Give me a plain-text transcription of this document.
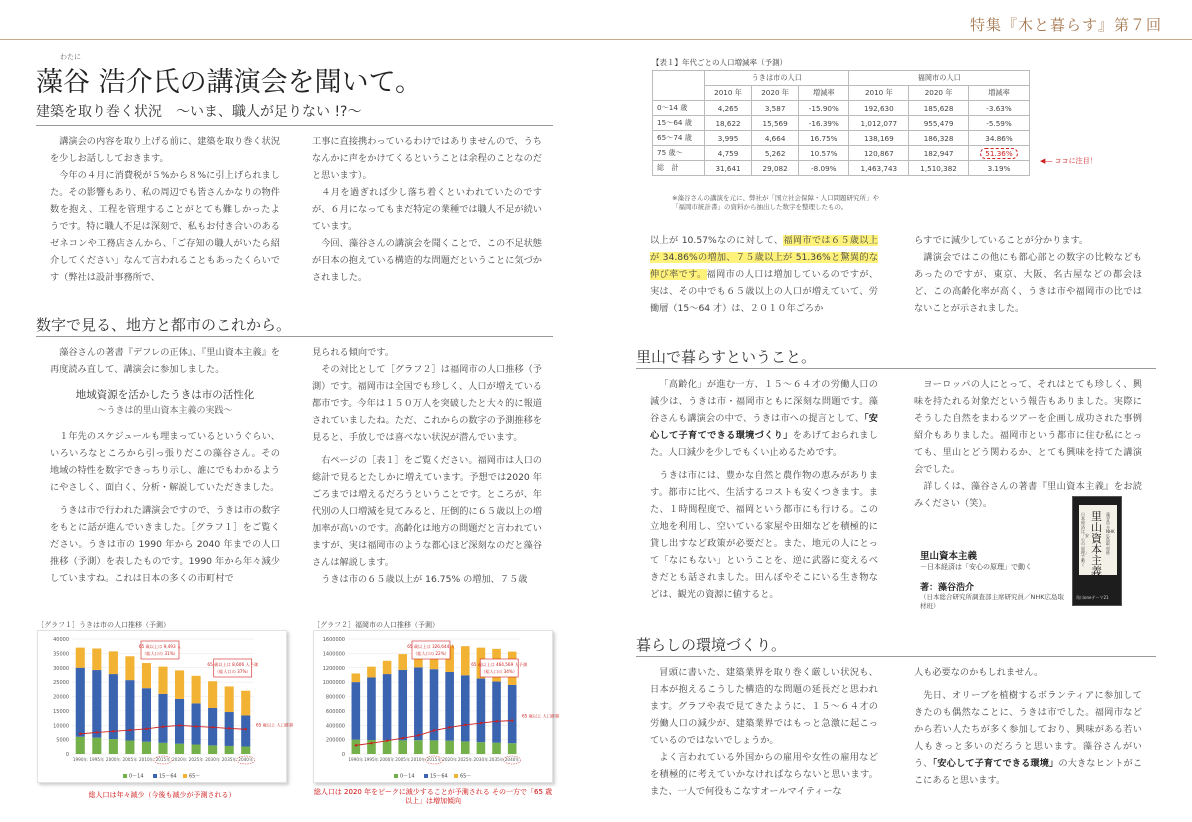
特集『木と暮らす』第７回
わたに
藻谷 浩介氏の講演会を聞いて。
建築を取り巻く状況　～いま、職人が足りない !?～

講演会の内容を取り上げる前に、建築を取り巻く状況を少しお話ししておきます。

今年の４月に消費税が５%から８%に引上げられました。その影響もあり、私の周辺でも皆さんかなりの物件数を抱え、工程を管理することがとても難しかったようです。特に職人不足は深刻で、私もお付き合いのあるゼネコンや工務店さんから、「ご存知の職人がいたら紹介してください」なんて言われることもあったくらいです（弊社は設計事務所で、

工事に直接携わっているわけではありませんので、うちなんかに声をかけてくるということは余程のことなのだと思います）。

４月を過ぎれば少し落ち着くといわれていたのですが、６月になってもまだ特定の業種では職人不足が続いています。

今回、藻谷さんの講演会を聞くことで、この不足状態が日本の抱えている構造的な問題だということに気づかされました。

数字で見る、地方と都市のこれから。

藻谷さんの著書『デフレの正体』、『里山資本主義』を再度読み直して、講演会に参加しました。

地域資源を活かしたうきは市の活性化
～うきは的里山資本主義の実践～

１年先のスケジュールも埋まっているというぐらい、いろいろなところから引っ張りだこの藻谷さん。その地域の特性を数字できっちり示し、誰にでもわかるようにやさしく、面白く、分析・解説していただきました。

うきは市で行われた講演会ですので、うきは市の数字をもとに話が進んでいきました。［グラフ１］をご覧ください。うきは市の 1990 年から 2040 年までの人口推移（予測）を表したものです。1990 年から年々減少していますね。これは日本の多くの市町村で

見られる傾向です。

その対比として［グラフ２］は福岡市の人口推移（予測）です。福岡市は全国でも珍しく、人口が増えている都市です。今年は１５０万人を突破したと大々的に報道されていましたね。ただ、これからの数字の予測推移を見ると、手放しでは喜べない状況が潜んでいます。

右ページの［表１］をご覧ください。福岡市は人口の総計で見るとたしかに増えています。予想では2020 年ごろまでは増えるだろうということです。ところが、年代別の人口増減を見てみると、圧倒的に６５歳以上の増加率が高いのです。高齢化は地方の問題だと言われていますが、実は福岡市のような都心ほど深刻なのだと藻谷さんは解説します。

うきは市の６５歳以上が 16.75% の増加、７５歳

［グラフ１］うきは市の人口推移（予測）
0
5000
10000
15000
20000
25000
30000
35000
40000
1990年 1995年 2000年 2005年 2010年 2015年 2020年 2025年 2030年 2035年 2040年
65 歳以上は 9,493 人
（総人口の 31%）
65 歳以上は 8,606 人予測
（総人口の 37%）
65 歳以上 人口推移
0～14	15～64 65～
総人口は年々減少（今後も減少が予測される）
［グラフ２］福岡市の人口推移（予測）
0
200000
400000
600000
800000
1000000
1200000
1400000
1600000
1990年 1995年 2000年 2005年 2010年 2015年 2020年 2025年 2030年 2035年 2040年
65 歳以上は 326,644 人
（総人口の 22%）
65 歳以上は 464,569 人予測
（総人口の 34%）
65 歳以上 人口推移
0～14	15～64 65～
総人口は 2020 年をピークに減少することが予測される その一方で「65 歳以上」は増加傾向
【表１】年代ごとの人口増減率（予測）
	うきは市の人口			福岡市の人口		
	2010 年	2020 年	増減率	2010 年	2020 年	増減率
0～14 歳	4,265	3,587	-15.90%	192,630	185,628	-3.63%
15～64 歳	18,622	15,569	-16.39%	1,012,077	955,479	-5.59%
65～74 歳	3,995	4,664	16.75%	138,169	186,328	34.86%
75 歳～	4,759	5,262	10.57%	120,867	182,947	51.36%
総　計	31,641	29,082	-8.09%	1,463,743	1,510,382	3.19%
◀― ココに注目！
※藻谷さんの講演を元に、弊社が「国立社会保障・人口問題研究所」や
「福岡市統計書」の資料から抽出した数字を整理したもの。
以上が 10.57%なのに対して、福岡市では６５歳以上が 34.86%の増加、７５歳以上が 51.36%と驚異的な伸び率です。福岡市の人口は増加しているのですが、実は、その中でも６５歳以上の人口が増えていて、労働層（15～64 才）は、２０１０年ごろか

らすでに減少していることが分かります。

講演会ではこの他にも都心部との数字の比較などもあったのですが、東京、大阪、名古屋などの都会ほど、この高齢化率が高く、うきは市や福岡市の比ではないことが示されました。

里山で暮らすということ。

「高齢化」が進む一方、１５～６４才の労働人口の減少は、うきは市・福岡市ともに深刻な問題です。藻谷さんも講演会の中で、うきは市への提言として、「安心して子育てできる環境づくり」をあげておられました。人口減少を少しでもくい止めるためです。

うきは市には、豊かな自然と農作物の恵みがあります。都市に比べ、生活するコストも安くつきます。また、１時間程度で、福岡という都市にも行ける。この立地を利用し、空いている家屋や田畑などを積極的に貸し出すなど政策が必要だと。また、地元の人にとって「なにもない」ということを、逆に武器に変えるべきだとも話されました。田んぼやそこにいる生き物などは、観光の資源に値すると。

ヨーロッパの人にとって、それはとても珍しく、興味を持たれる対象だという報告もありました。実際にそうした自然をまわるツアーを企画し成功された事例紹介もありました。福岡市という都市に住む私にとっても、里山とどう関わるか、とても興味を持てた講演会でした。

詳しくは、藻谷さんの著書『里山資本主義』をお読みください（笑）。

里山資本主義
－日本経済は「安心の原理」で動く
著：藻谷浩介
（日本総合研究所調査部主席研究員／NHK広島取材班）
里山資本主義
日本経済は「安心の原理」で動く
藻谷浩介 NHK広島取材班
角川oneテーマ21
暮らしの環境づくり。

冒頭に書いた、建築業界を取り巻く厳しい状況も、日本が抱えるこうした構造的な問題の延長だと思われます。グラフや表で見てきたように、１５～６４才の労働人口の減少が、建築業界ではもっと急激に起こっているのではないでしょうか。

よく言われている外国からの雇用や女性の雇用などを積極的に考えていかなければならないと思います。また、一人で何役もこなすオールマイティーな

人も必要なのかもしれません。

先日、オリーブを植樹するボランティアに参加してきたのも偶然なことに、うきは市でした。福岡市などから若い人たちが多く参加しており、興味がある若い人もきっと多いのだろうと思います。藻谷さんがいう、「安心して子育てできる環境」の大きなヒントがここにあると思います。
